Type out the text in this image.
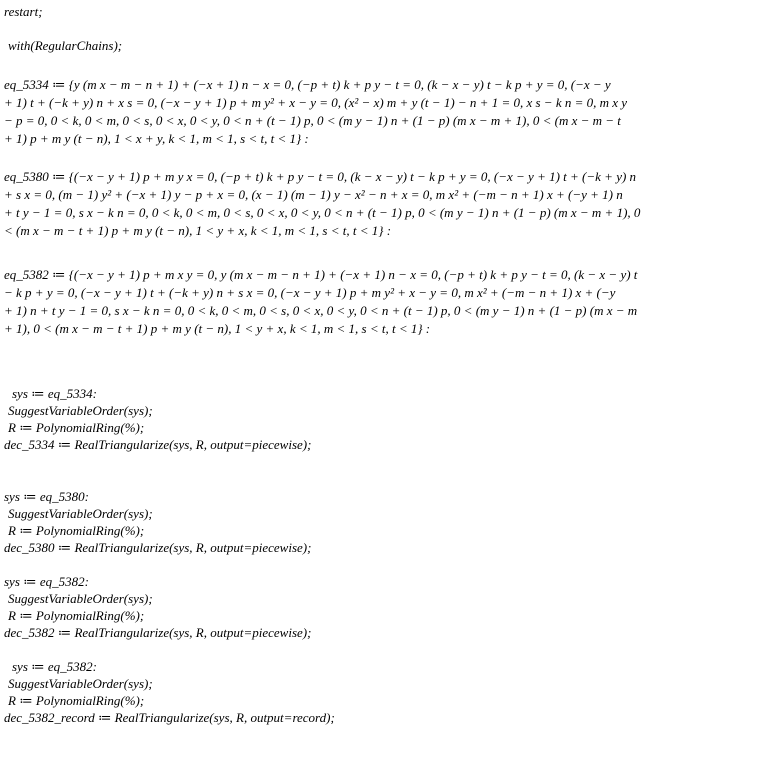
restart;
with(RegularChains);
eq_5334 ≔ {y (m x − m − n + 1) + (−x + 1) n − x = 0, (−p + t) k + p y − t = 0, (k − x − y) t − k p + y = 0, (−x − y
+ 1) t + (−k + y) n + x s = 0, (−x − y + 1) p + m y² + x − y = 0, (x² − x) m + y (t − 1) − n + 1 = 0, x s − k n = 0, m x y
− p = 0, 0 < k, 0 < m, 0 < s, 0 < x, 0 < y, 0 < n + (t − 1) p, 0 < (m y − 1) n + (1 − p) (m x − m + 1), 0 < (m x − m − t
+ 1) p + m y (t − n), 1 < x + y, k < 1, m < 1, s < t, t < 1} :
eq_5380 ≔ {(−x − y + 1) p + m y x = 0, (−p + t) k + p y − t = 0, (k − x − y) t − k p + y = 0, (−x − y + 1) t + (−k + y) n
+ s x = 0, (m − 1) y² + (−x + 1) y − p + x = 0, (x − 1) (m − 1) y − x² − n + x = 0, m x² + (−m − n + 1) x + (−y + 1) n
+ t y − 1 = 0, s x − k n = 0, 0 < k, 0 < m, 0 < s, 0 < x, 0 < y, 0 < n + (t − 1) p, 0 < (m y − 1) n + (1 − p) (m x − m + 1), 0
< (m x − m − t + 1) p + m y (t − n), 1 < y + x, k < 1, m < 1, s < t, t < 1} :
eq_5382 ≔ {(−x − y + 1) p + m x y = 0, y (m x − m − n + 1) + (−x + 1) n − x = 0, (−p + t) k + p y − t = 0, (k − x − y) t
− k p + y = 0, (−x − y + 1) t + (−k + y) n + s x = 0, (−x − y + 1) p + m y² + x − y = 0, m x² + (−m − n + 1) x + (−y
+ 1) n + t y − 1 = 0, s x − k n = 0, 0 < k, 0 < m, 0 < s, 0 < x, 0 < y, 0 < n + (t − 1) p, 0 < (m y − 1) n + (1 − p) (m x − m
+ 1), 0 < (m x − m − t + 1) p + m y (t − n), 1 < y + x, k < 1, m < 1, s < t, t < 1} :
sys ≔ eq_5334:
SuggestVariableOrder(sys);
R ≔ PolynomialRing(%);
dec_5334 ≔ RealTriangularize(sys, R, output=piecewise);
sys ≔ eq_5380:
SuggestVariableOrder(sys);
R ≔ PolynomialRing(%);
dec_5380 ≔ RealTriangularize(sys, R, output=piecewise);
sys ≔ eq_5382:
SuggestVariableOrder(sys);
R ≔ PolynomialRing(%);
dec_5382 ≔ RealTriangularize(sys, R, output=piecewise);
sys ≔ eq_5382:
SuggestVariableOrder(sys);
R ≔ PolynomialRing(%);
dec_5382_record ≔ RealTriangularize(sys, R, output=record);
